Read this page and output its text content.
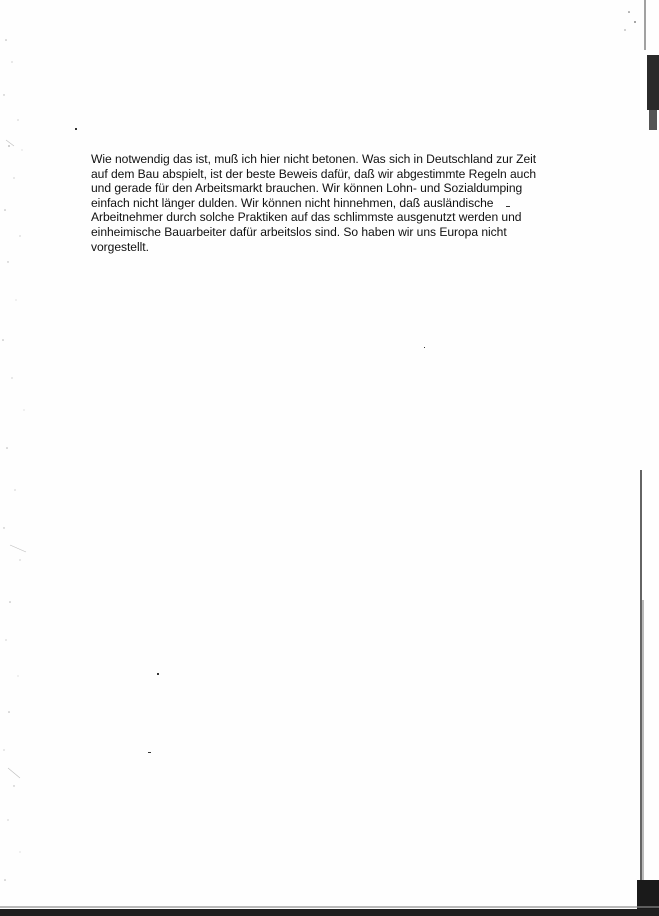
Wie notwendig das ist, muß ich hier nicht betonen. Was sich in Deutschland zur Zeit
auf dem Bau abspielt, ist der beste Beweis dafür, daß wir abgestimmte Regeln auch
und gerade für den Arbeitsmarkt brauchen. Wir können Lohn- und Sozialdumping
einfach nicht länger dulden. Wir können nicht hinnehmen, daß ausländische
Arbeitnehmer durch solche Praktiken auf das schlimmste ausgenutzt werden und
einheimische Bauarbeiter dafür arbeitslos sind. So haben wir uns Europa nicht
vorgestellt.
